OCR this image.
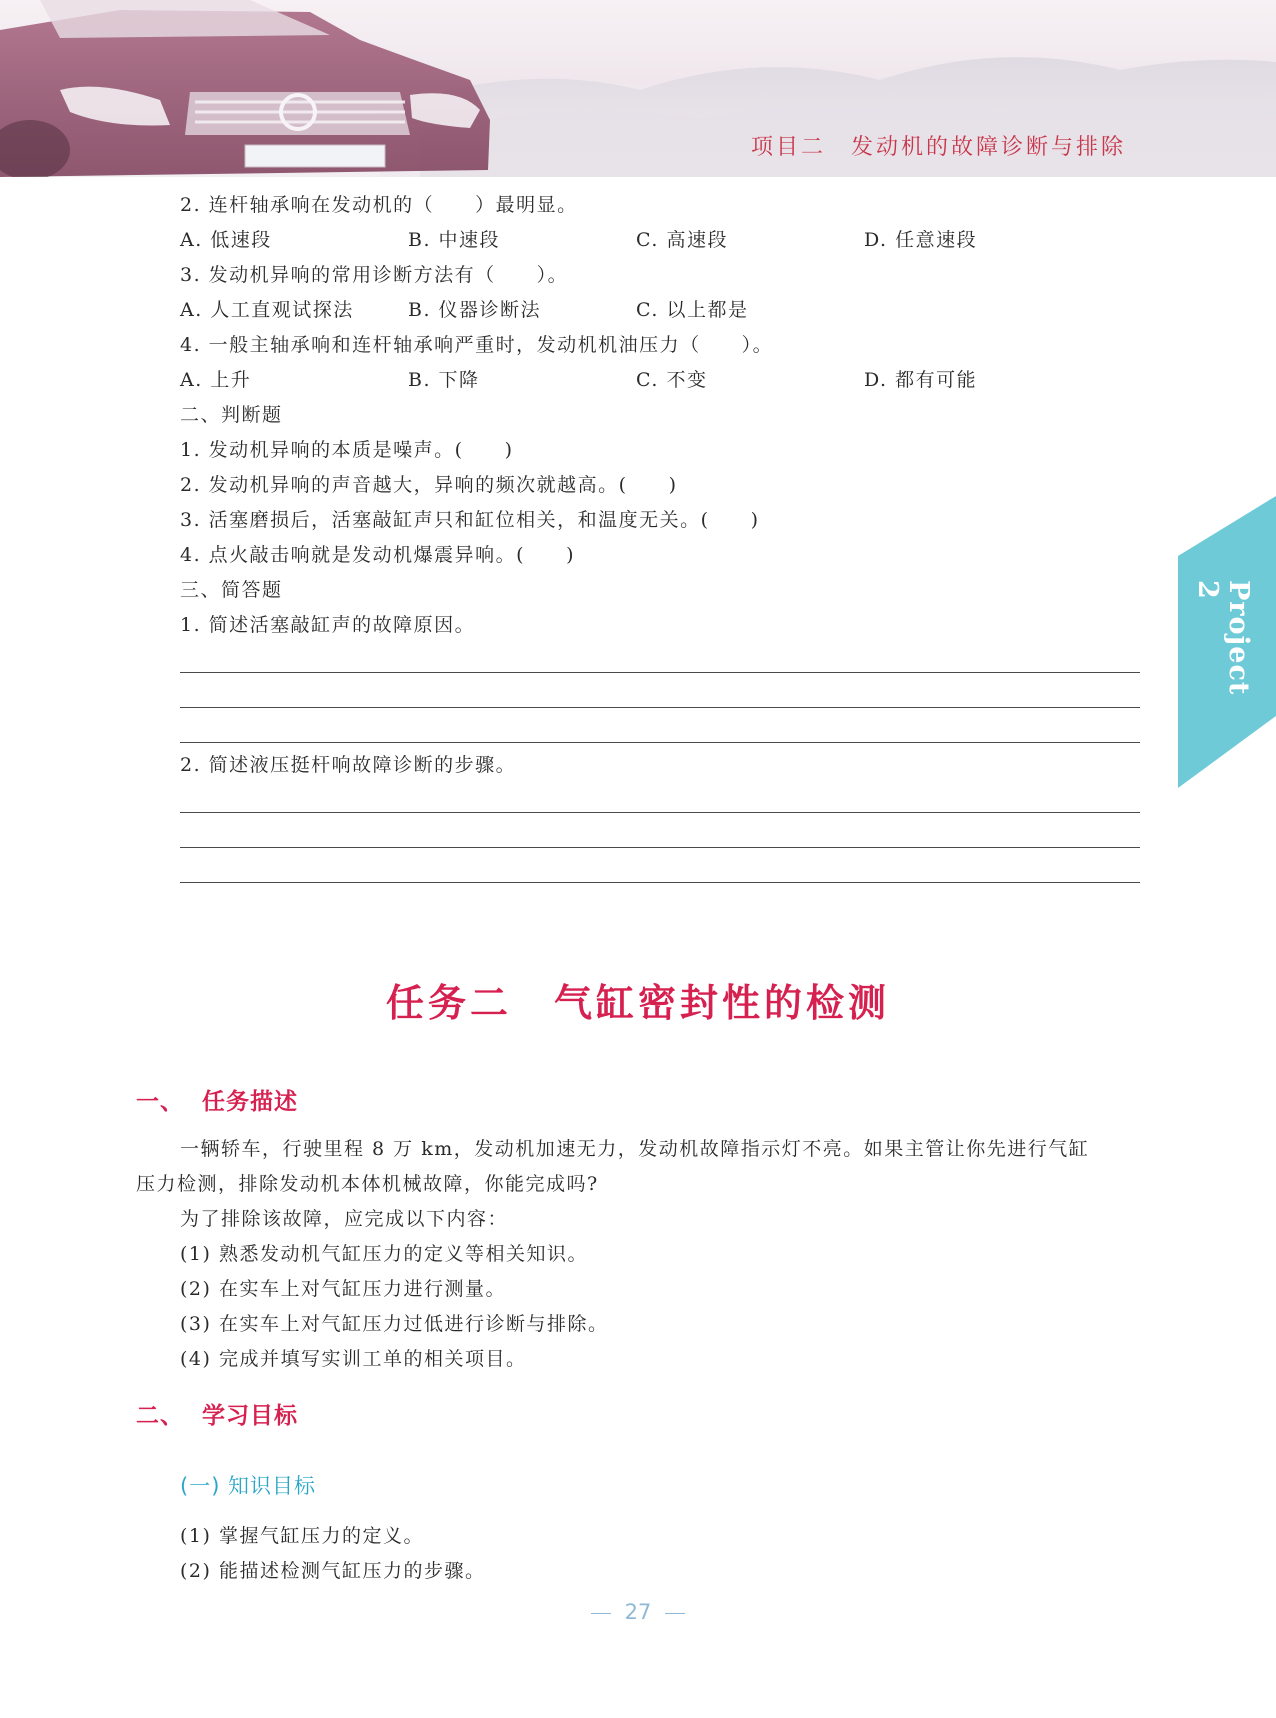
项目二　发动机的故障诊断与排除
Project 2
2. 连杆轴承响在发动机的（　　）最明显。
A. 低速段	B. 中速段	C. 高速段	D. 任意速段
3. 发动机异响的常用诊断方法有（　　）。
A. 人工直观试探法	B. 仪器诊断法	C. 以上都是
4. 一般主轴承响和连杆轴承响严重时，发动机机油压力（　　）。
A. 上升	B. 下降	C. 不变	D. 都有可能
二、判断题
1. 发动机异响的本质是噪声。(　　)
2. 发动机异响的声音越大，异响的频次就越高。(　　)
3. 活塞磨损后，活塞敲缸声只和缸位相关，和温度无关。(　　)
4. 点火敲击响就是发动机爆震异响。(　　)
三、简答题
1. 简述活塞敲缸声的故障原因。
2. 简述液压挺杆响故障诊断的步骤。
任务二　气缸密封性的检测
一、 任务描述
一辆轿车，行驶里程 8 万 km，发动机加速无力，发动机故障指示灯不亮。如果主管让你先进行气缸
压力检测，排除发动机本体机械故障，你能完成吗?
为了排除该故障，应完成以下内容：
(1) 熟悉发动机气缸压力的定义等相关知识。
(2) 在实车上对气缸压力进行测量。
(3) 在实车上对气缸压力过低进行诊断与排除。
(4) 完成并填写实训工单的相关项目。
二、 学习目标
(一) 知识目标
(1) 掌握气缸压力的定义。
(2) 能描述检测气缸压力的步骤。
27
